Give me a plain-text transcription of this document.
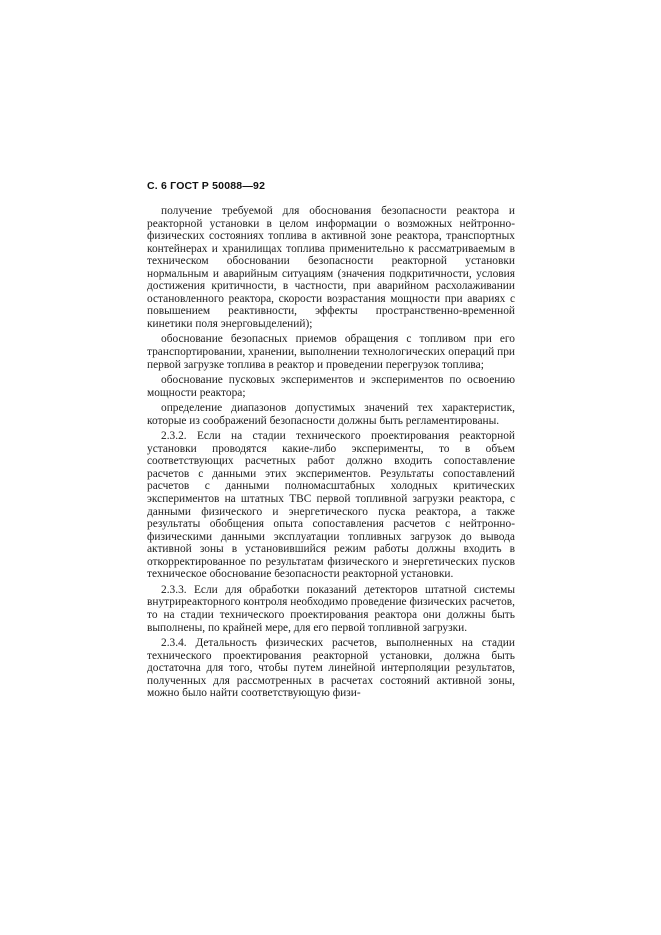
С. 6 ГОСТ Р 50088—92

получение требуемой для обоснования безопасности реактора и реакторной установки в целом информации о возможных нейтронно-физических состояниях топлива в активной зоне реактора, транспортных контейнерах и хранилищах топлива применительно к рассматриваемым в техническом обосновании безопасности реакторной установки нормальным и аварийным ситуациям (значения подкритичности, условия достижения критичности, в частности, при аварийном расхолаживании остановленного реактора, скорости возрастания мощности при авариях с повышением реактивности, эффекты пространственно-временной кинетики поля энерговыделений);

обоснование безопасных приемов обращения с топливом при его транспортировании, хранении, выполнении технологических операций при первой загрузке топлива в реактор и проведении перегрузок топлива;

обоснование пусковых экспериментов и экспериментов по освоению мощности реактора;

определение диапазонов допустимых значений тех характеристик, которые из соображений безопасности должны быть регламентированы.

2.3.2. Если на стадии технического проектирования реакторной установки проводятся какие-либо эксперименты, то в объем соответствующих расчетных работ должно входить сопоставление расчетов с данными этих экспериментов. Результаты сопоставлений расчетов с данными полномасштабных холодных критических экспериментов на штатных ТВС первой топливной загрузки реактора, с данными физического и энергетического пуска реактора, а также результаты обобщения опыта сопоставления расчетов с нейтронно-физическими данными эксплуатации топливных загрузок до вывода активной зоны в установившийся режим работы должны входить в откорректированное по результатам физического и энергетических пусков техническое обоснование безопасности реакторной установки.

2.3.3. Если для обработки показаний детекторов штатной системы внутриреакторного контроля необходимо проведение физических расчетов, то на стадии технического проектирования реактора они должны быть выполнены, по крайней мере, для его первой топливной загрузки.

2.3.4. Детальность физических расчетов, выполненных на стадии технического проектирования реакторной установки, должна быть достаточна для того, чтобы путем линейной интерполяции результатов, полученных для рассмотренных в расчетах состояний активной зоны, можно было найти соответствующую физи-
